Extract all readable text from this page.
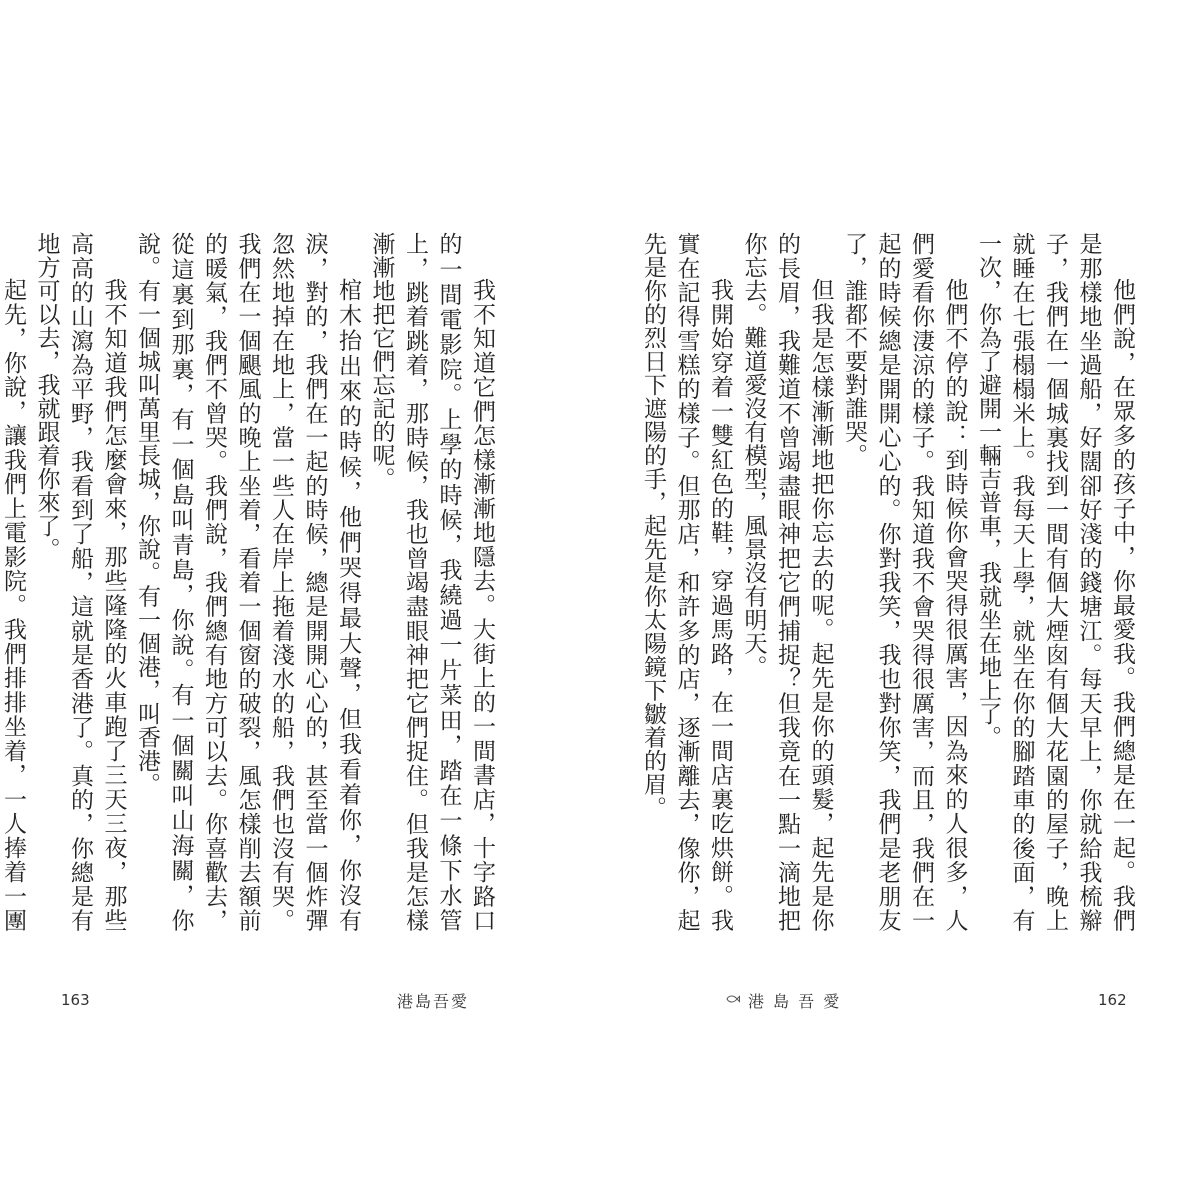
我不知道它們怎樣漸漸地隱去。大街上的一間書店，十字路口的一間電影院。上學的時候，我繞過一片菜田，踏在一條下水管上，跳着跳着，那時候，我也曾竭盡眼神把它們捉住。但我是怎樣漸漸地把它們忘記的呢。

棺木抬出來的時候，他們哭得最大聲，但我看着你，你沒有淚，對的，我們在一起的時候，總是開開心心的，甚至當一個炸彈忽然地掉在地上，當一些人在岸上拖着淺水的船，我們也沒有哭。我們在一個颶風的晚上坐着，看着一個窗的破裂，風怎樣削去額前的暖氣，我們不曾哭。我們說，我們總有地方可以去。你喜歡去，從這裏到那裏，有一個島叫青島，你說。有一個關叫山海關，你說。有一個城叫萬里長城，你說。有一個港，叫香港。

我不知道我們怎麼會來，那些隆隆的火車跑了三天三夜，那些高高的山瀉為平野，我看到了船，這就是香港了。真的，你總是有地方可以去，我就跟着你來了。

起先，你說，讓我們上電影院。我們排排坐着，一人捧着一團

163	港島吾愛

他們說，在眾多的孩子中，你最愛我。我們總是在一起。我們是那樣地坐過船，好闊卻好淺的錢塘江。每天早上，你就給我梳辮子，我們在一個城裏找到一間有個大煙囱有個大花園的屋子，晚上就睡在七張榻榻米上。我每天上學，就坐在你的腳踏車的後面，有一次，你為了避開一輛吉普車，我就坐在地上了。

他們不停的說：到時候你會哭得很厲害，因為來的人很多，人們愛看你淒涼的樣子。我知道我不會哭得很厲害，而且，我們在一起的時候總是開開心心的。你對我笑，我也對你笑，我們是老朋友了，誰都不要對誰哭。

但我是怎樣漸漸地把你忘去的呢。起先是你的頭髮，起先是你的長眉，我難道不曾竭盡眼神把它們捕捉？但我竟在一點一滴地把你忘去。難道愛沒有模型，風景沒有明天。

我開始穿着一雙紅色的鞋，穿過馬路，在一間店裏吃烘餅。我實在記得雪糕的樣子。但那店，和許多的店，逐漸離去，像你，起先是你的烈日下遮陽的手，起先是你太陽鏡下皺着的眉。

港 島 吾 愛	162
